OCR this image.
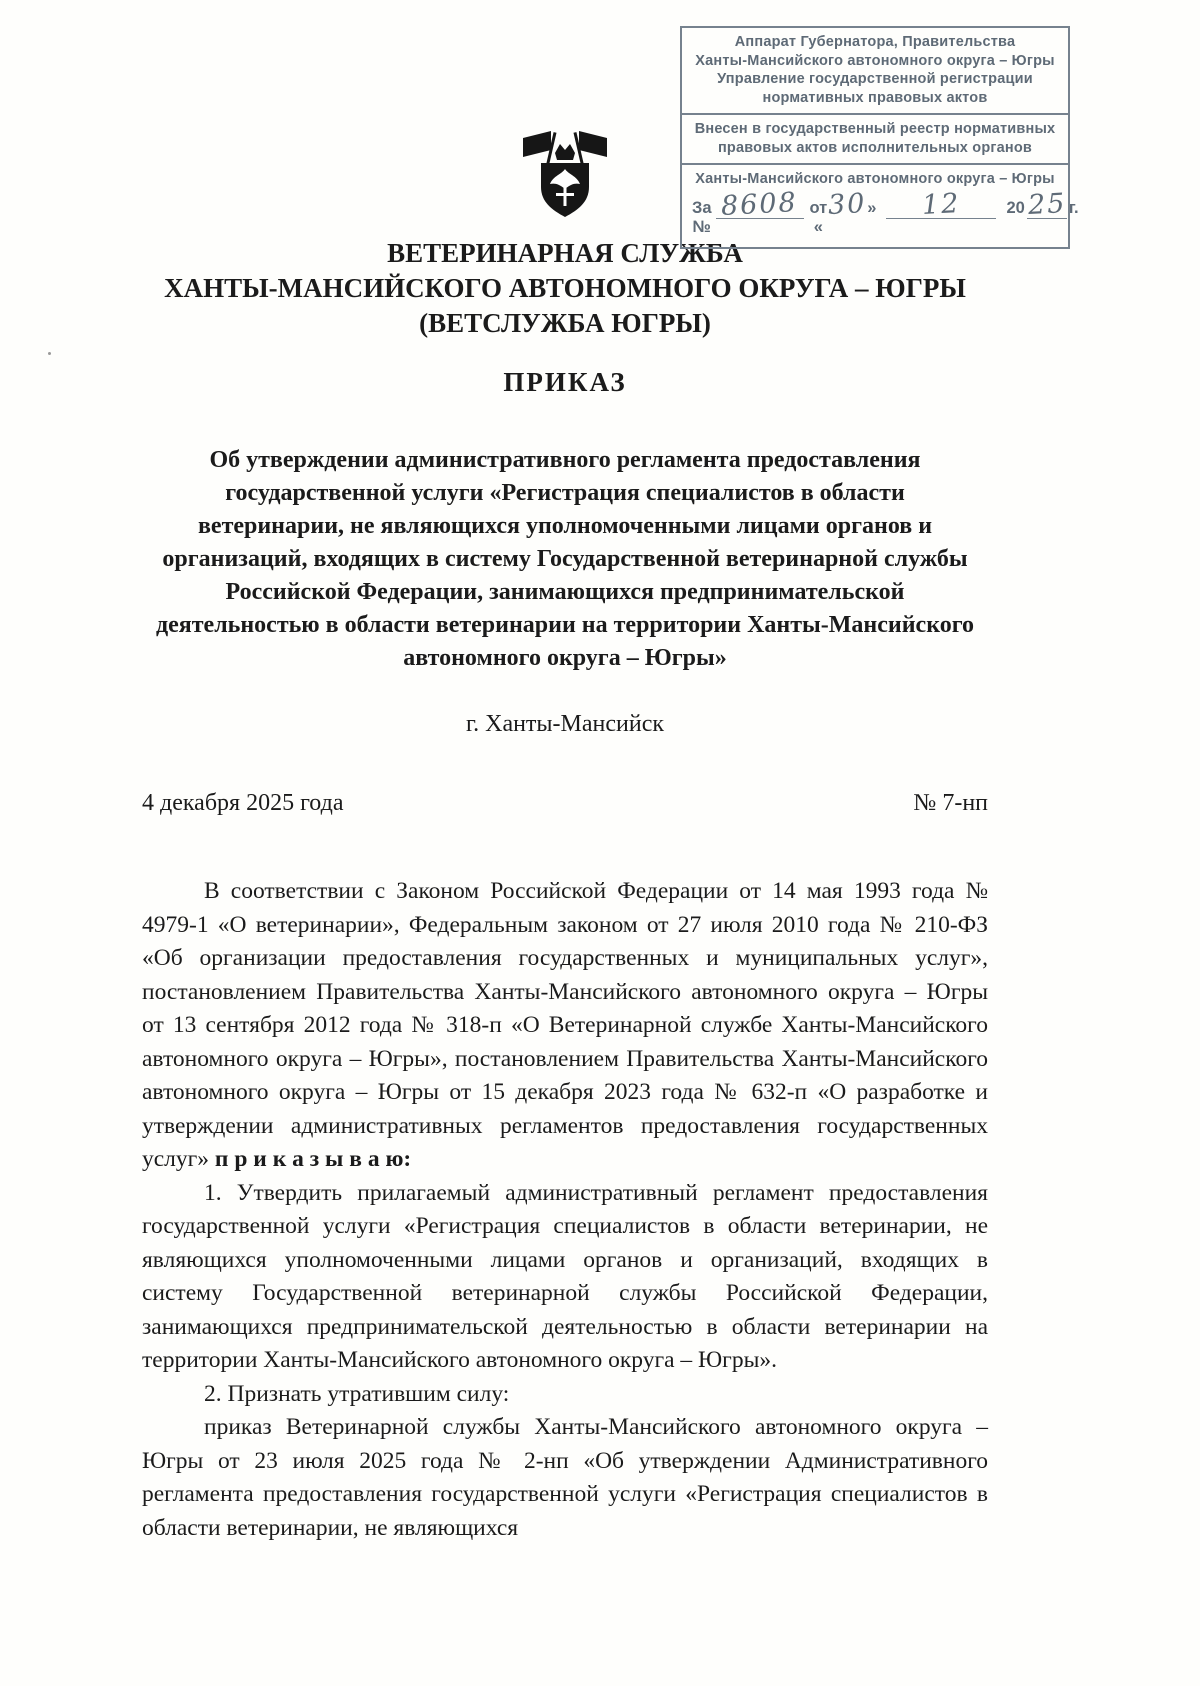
Аппарат Губернатора, Правительства
Ханты-Мансийского автономного округа – Югры
Управление государственной регистрации
нормативных правовых актов
Внесен в государственный реестр нормативных
правовых актов исполнительных органов
Ханты-Мансийского автономного округа – Югры
За №
8608 от «
30 »	12	20 25 г.
ВЕТЕРИНАРНАЯ СЛУЖБА
ХАНТЫ-МАНСИЙСКОГО АВТОНОМНОГО ОКРУГА – ЮГРЫ
(ВЕТСЛУЖБА ЮГРЫ)
ПРИКАЗ
Об утверждении административного регламента предоставления
государственной услуги «Регистрация специалистов в области
ветеринарии, не являющихся уполномоченными лицами органов и
организаций, входящих в систему Государственной ветеринарной службы
Российской Федерации, занимающихся предпринимательской
деятельностью в области ветеринарии на территории Ханты-Мансийского
автономного округа – Югры»
г. Ханты-Мансийск
4 декабря 2025 года	№ 7-нп

В соответствии с Законом Российской Федерации от 14 мая 1993 года № 4979-1 «О ветеринарии», Федеральным законом от 27 июля 2010 года № 210-ФЗ «Об организации предоставления государственных и муниципальных услуг», постановлением Правительства Ханты-Мансийского автономного округа – Югры от 13 сентября 2012 года № 318-п «О Ветеринарной службе Ханты-Мансийского автономного округа – Югры», постановлением Правительства Ханты-Мансийского автономного округа – Югры от 15 декабря 2023 года № 632-п «О разработке и утверждении административных регламентов предоставления государственных услуг» п р и к а з ы в а ю:

1. Утвердить прилагаемый административный регламент предоставления государственной услуги «Регистрация специалистов в области ветеринарии, не являющихся уполномоченными лицами органов и организаций, входящих в систему Государственной ветеринарной службы Российской Федерации, занимающихся предпринимательской деятельностью в области ветеринарии на территории Ханты-Мансийского автономного округа – Югры».

2. Признать утратившим силу:

приказ Ветеринарной службы Ханты-Мансийского автономного округа – Югры от 23 июля 2025 года № 2-нп «Об утверждении Административного регламента предоставления государственной услуги «Регистрация специалистов в области ветеринарии, не являющихся
